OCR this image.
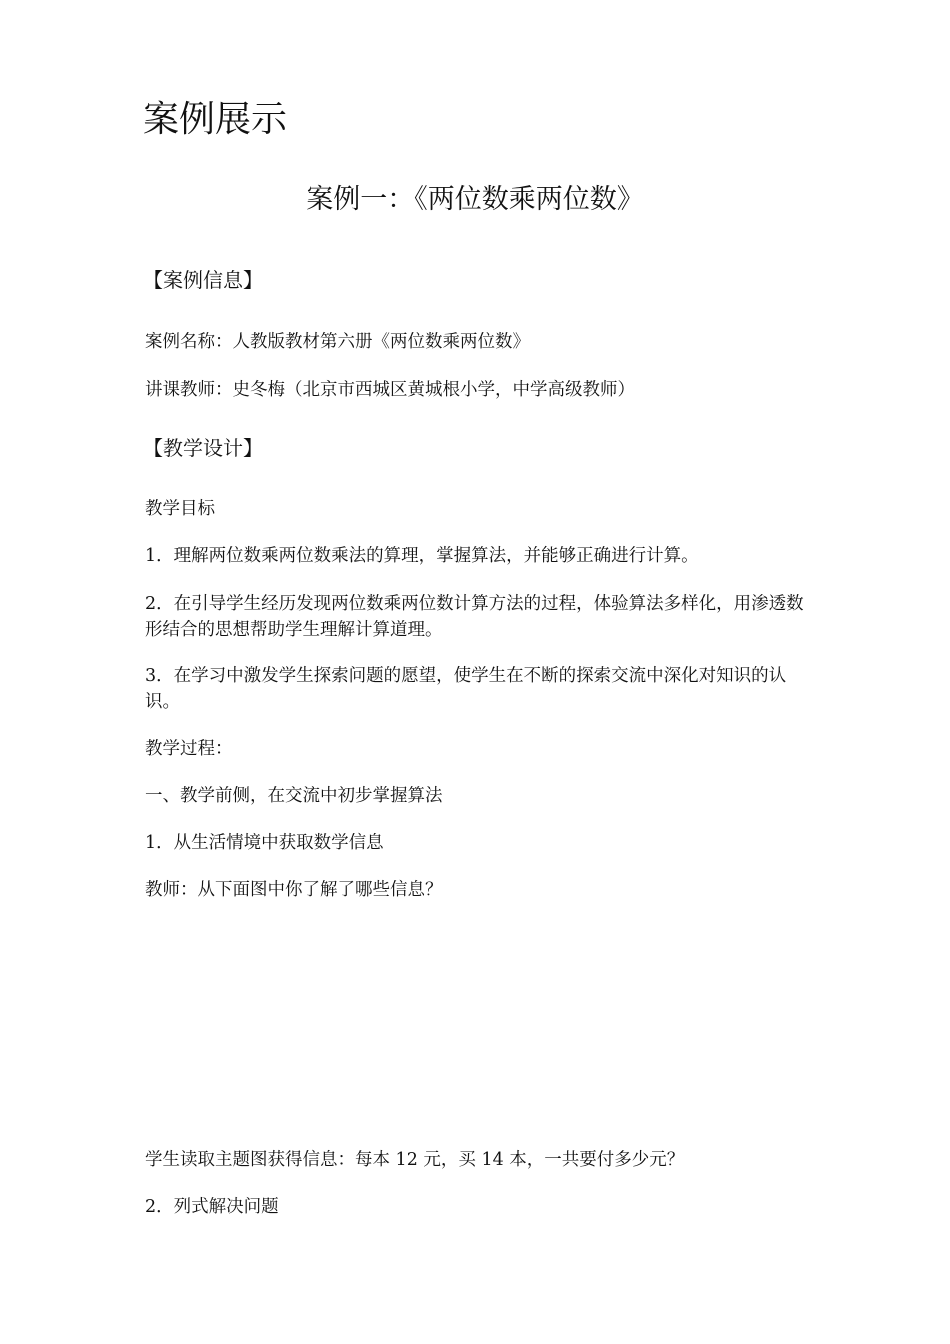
案例展示
案例一：《两位数乘两位数》
【案例信息】
案例名称：人教版教材第六册《两位数乘两位数》
讲课教师：史冬梅（北京市西城区黄城根小学，中学高级教师）
【教学设计】
教学目标
1．理解两位数乘两位数乘法的算理，掌握算法，并能够正确进行计算。
2．在引导学生经历发现两位数乘两位数计算方法的过程，体验算法多样化，用渗透数形结合的思想帮助学生理解计算道理。
3．在学习中激发学生探索问题的愿望，使学生在不断的探索交流中深化对知识的认识。
教学过程：
一、教学前侧，在交流中初步掌握算法
1．从生活情境中获取数学信息
教师：从下面图中你了解了哪些信息？
学生读取主题图获得信息：每本 12 元，买 14 本，一共要付多少元？
2．列式解决问题
